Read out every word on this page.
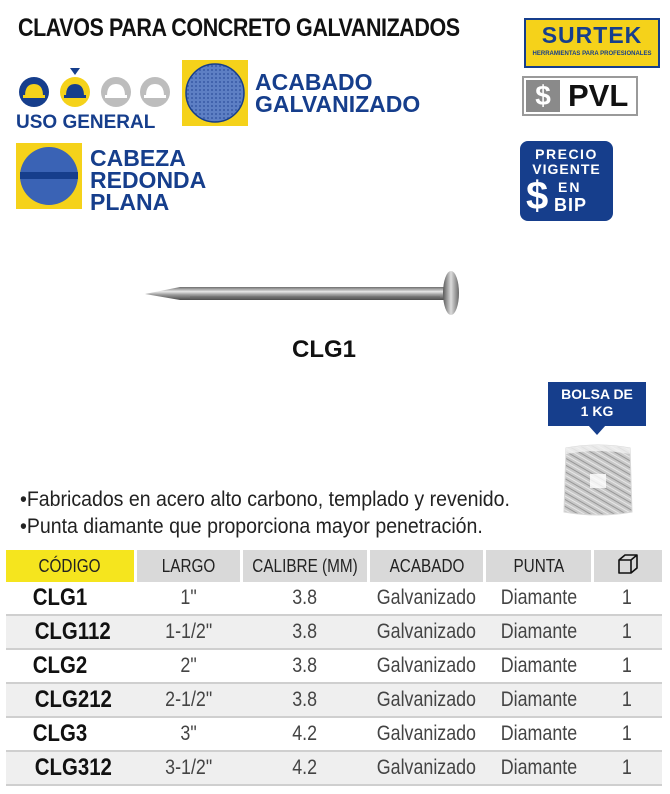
CLAVOS PARA CONCRETO GALVANIZADOS	SURTEK
HERRAMIENTAS PARA PROFESIONALES
$ PVL
PRECIO
VIGENTE
$ EN
BIP
USO GENERAL
ACABADO
GALVANIZADO
CABEZA
REDONDA
PLANA
CLG1
BOLSA DE
1 KG
•Fabricados en acero alto carbono, templado y revenido.
•Punta diamante que proporciona mayor penetración.
CÓDIGO	LARGO	CALIBRE (MM)	ACABADO	PUNTA	
CLG1	1"	3.8	Galvanizado	Diamante	1
CLG112	1-1/2"	3.8	Galvanizado	Diamante	1
CLG2	2"	3.8	Galvanizado	Diamante	1
CLG212	2-1/2"	3.8	Galvanizado	Diamante	1
CLG3	3"	4.2	Galvanizado	Diamante	1
CLG312	3-1/2"	4.2	Galvanizado	Diamante	1
